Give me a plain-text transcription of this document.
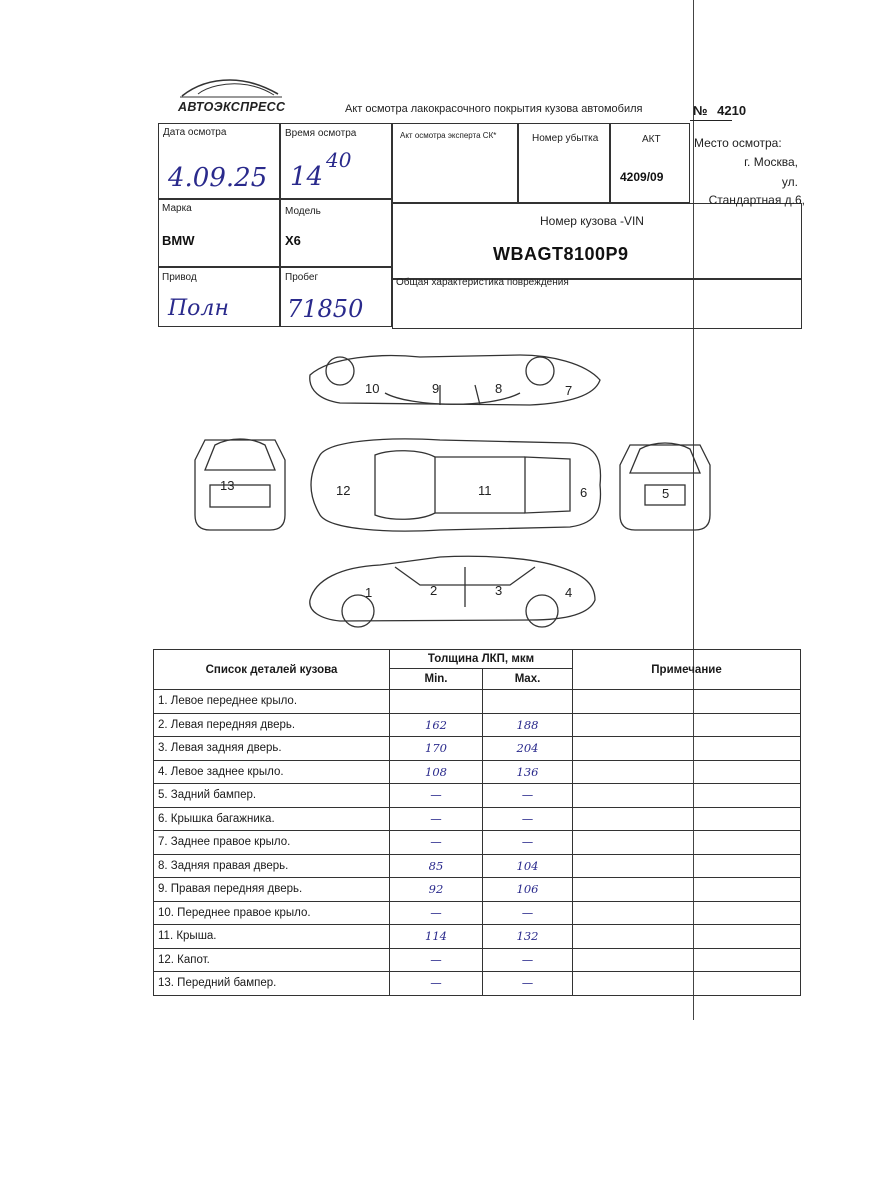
АВТОЭКСПРЕСС	Акт осмотра лакокрасочного покрытия кузова автомобиля	№ 4210
Дата осмотра
4.09.25
Время осмотра
14
40
Акт осмотра эксперта СК*	Номер убытка	АКТ
4209/09
Место осмотра:
г. Москва,
ул.
Стандартная д.6,
Марка
BMW
Модель
X6
Номер кузова -VIN
WBAGT8100P9
Привод
Полн
Пробег
71850
Общая характеристика повреждения
10	9	8	7
13	12	11	6	5
1	2	3	4
Список деталей кузова	Толщина ЛКП, мкм		Примечание
	Min.	Max.	
1. Левое переднее крыло.			
2. Левая передняя дверь.	162	188	
3. Левая задняя дверь.	170	204	
4. Левое заднее крыло.	108	136	
5. Задний бампер.	—	—	
6. Крышка багажника.	—	—	
7. Заднее правое крыло.	—	—	
8. Задняя правая дверь.	85	104	
9. Правая передняя дверь.	92	106	
10. Переднее правое крыло.	—	—	
11. Крыша.	114	132	
12. Капот.	—	—	
13. Передний бампер.	—	—	
